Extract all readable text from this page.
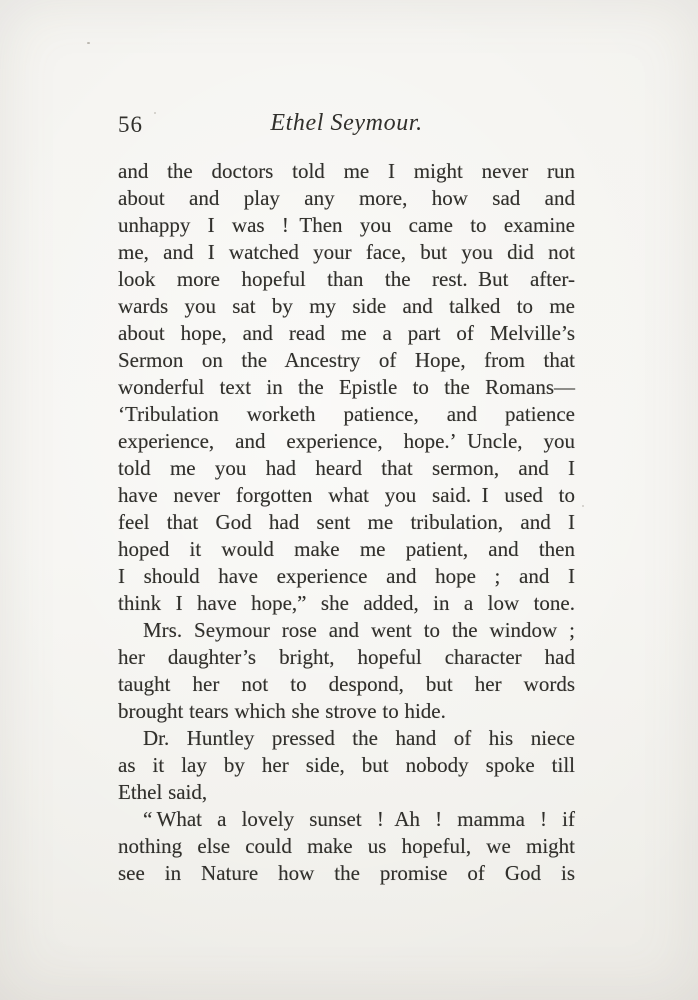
56	Ethel Seymour.
and the doctors told me I might never run
about and play any more, how sad and
unhappy I was ! Then you came to examine
me, and I watched your face, but you did not
look more hopeful than the rest. But after-
wards you sat by my side and talked to me
about hope, and read me a part of Melville’s
Sermon on the Ancestry of Hope, from that
wonderful text in the Epistle to the Romans—
‘Tribulation worketh patience, and patience
experience, and experience, hope.’ Uncle, you
told me you had heard that sermon, and I
have never forgotten what you said. I used to
feel that God had sent me tribulation, and I
hoped it would make me patient, and then
I should have experience and hope ; and I
think I have hope,” she added, in a low tone.
Mrs. Seymour rose and went to the window ;
her daughter’s bright, hopeful character had
taught her not to despond, but her words
brought tears which she strove to hide.
Dr. Huntley pressed the hand of his niece
as it lay by her side, but nobody spoke till
Ethel said,
“ What a lovely sunset ! Ah ! mamma ! if
nothing else could make us hopeful, we might
see in Nature how the promise of God is
